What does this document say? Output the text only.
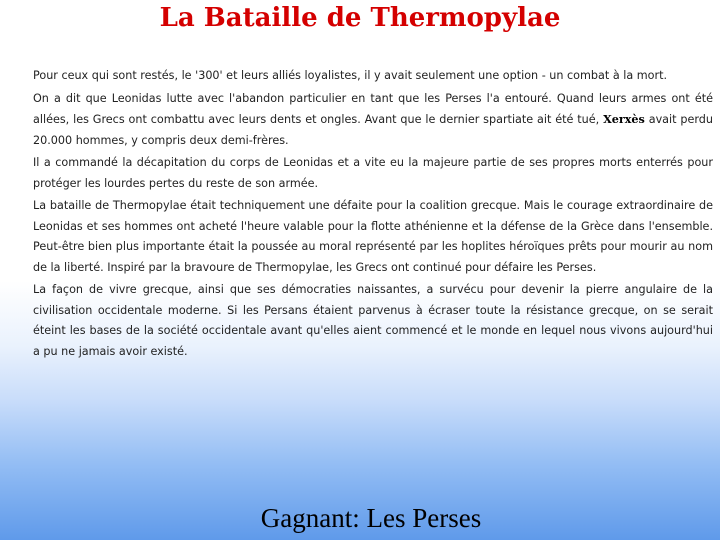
La Bataille de Thermopylae

Pour ceux qui sont restés, le '300' et leurs alliés loyalistes, il y avait seulement une option - un combat à la mort.

On a dit que Leonidas lutte avec l'abandon particulier en tant que les Perses l'a entouré. Quand leurs armes ont été allées, les Grecs ont combattu avec leurs dents et ongles. Avant que le dernier spartiate ait été tué, Xerxès avait perdu 20.000 hommes, y compris deux demi-frères.

Il a commandé la décapitation du corps de Leonidas et a vite eu la majeure partie de ses propres morts enterrés pour protéger les lourdes pertes du reste de son armée.

La bataille de Thermopylae était techniquement une défaite pour la coalition grecque. Mais le courage extraordinaire de Leonidas et ses hommes ont acheté l'heure valable pour la flotte athénienne et la défense de la Grèce dans l'ensemble. Peut-être bien plus importante était la poussée au moral représenté par les hoplites héroïques prêts pour mourir au nom de la liberté. Inspiré par la bravoure de Thermopylae, les Grecs ont continué pour défaire les Perses.

La façon de vivre grecque, ainsi que ses démocraties naissantes, a survécu pour devenir la pierre angulaire de la civilisation occidentale moderne. Si les Persans étaient parvenus à écraser toute la résistance grecque, on se serait éteint les bases de la société occidentale avant qu'elles aient commencé et le monde en lequel nous vivons aujourd'hui a pu ne jamais avoir existé.

Gagnant: Les Perses
